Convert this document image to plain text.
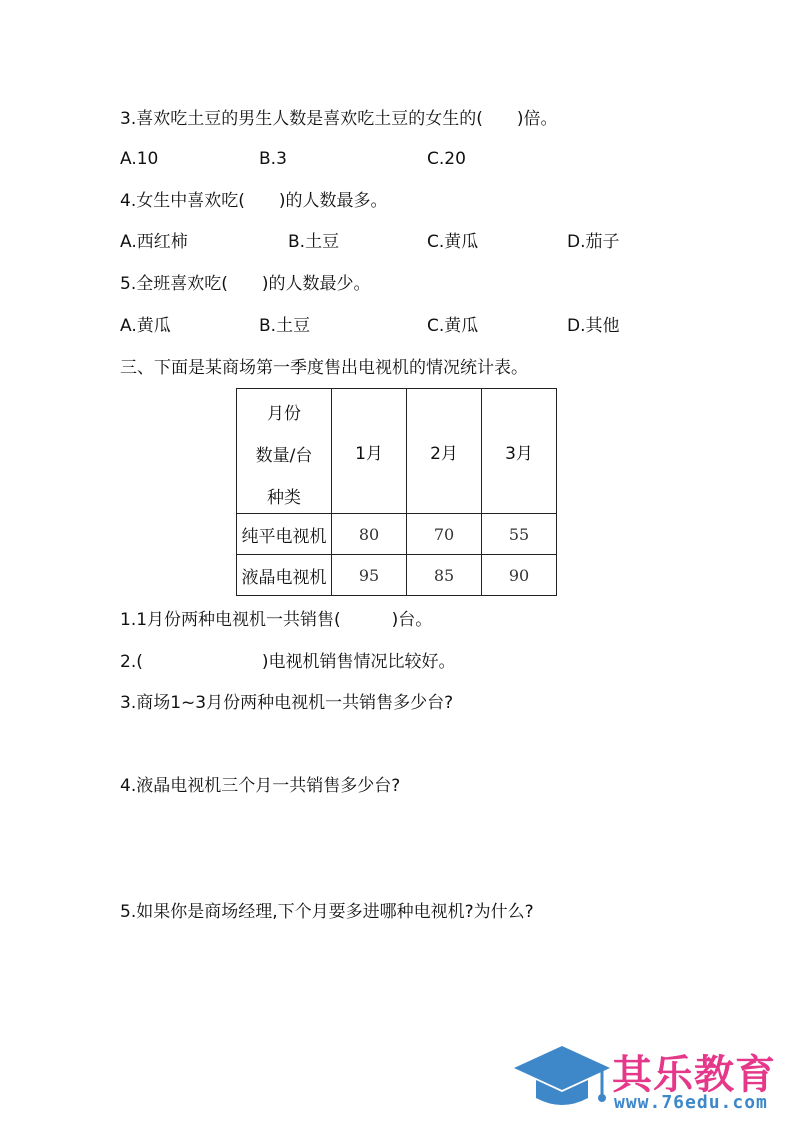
3.喜欢吃土豆的男生人数是喜欢吃土豆的女生的(　　)倍。
A.10	B.3	C.20
4.女生中喜欢吃(　　)的人数最多。
A.西红柿	B.土豆	C.黄瓜	D.茄子
5.全班喜欢吃(　　)的人数最少。
A.黄瓜	B.土豆	C.黄瓜	D.其他
三、下面是某商场第一季度售出电视机的情况统计表。
月份
数量/台
种类	1月	2月	3月
纯平电视机	80	70	55
液晶电视机	95	85	90
1.1月份两种电视机一共销售(　　　)台。
2.(　　　　　　　)电视机销售情况比较好。
3.商场1~3月份两种电视机一共销售多少台?
4.液晶电视机三个月一共销售多少台?
5.如果你是商场经理,下个月要多进哪种电视机?为什么?
其乐教育
www.76edu.com
